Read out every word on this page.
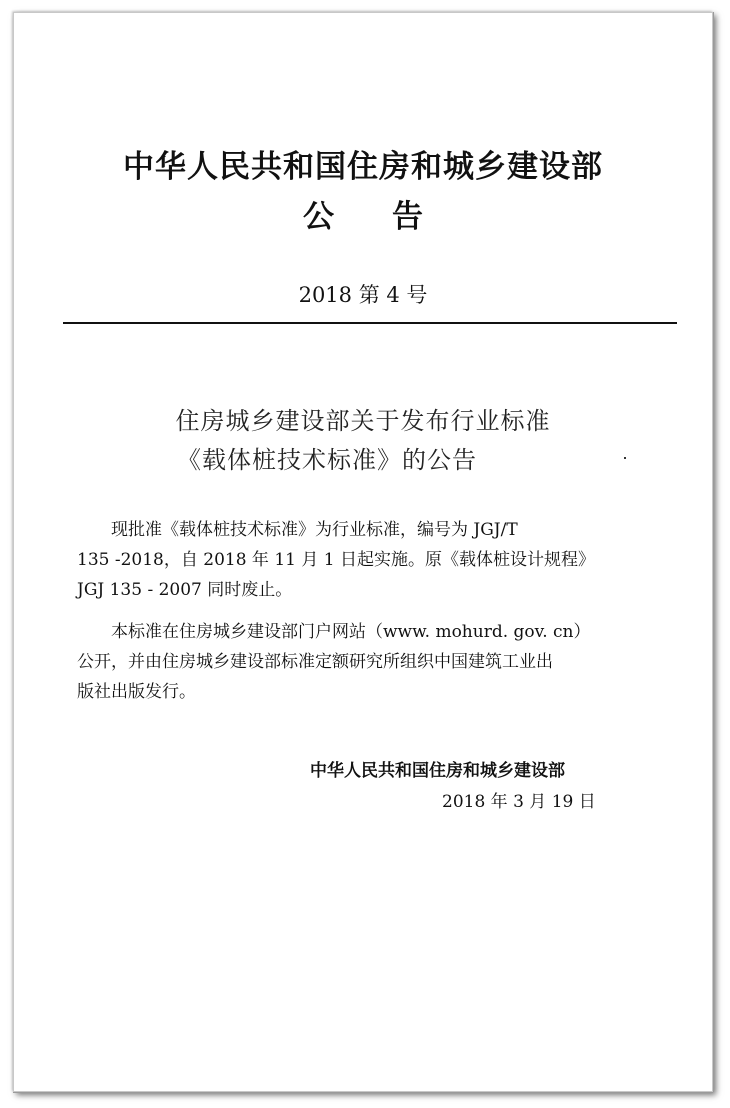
中华人民共和国住房和城乡建设部
公告
2018 第 4 号
住房城乡建设部关于发布行业标准
《载体桩技术标准》的公告
现批准《载体桩技术标准》为行业标准，编号为 JGJ/T
135 -2018，自 2018 年 11 月 1 日起实施。原《载体桩设计规程》
JGJ 135 - 2007 同时废止。
本标准在住房城乡建设部门户网站（www. mohurd. gov. cn）
公开，并由住房城乡建设部标准定额研究所组织中国建筑工业出
版社出版发行。
中华人民共和国住房和城乡建设部
2018 年 3 月 19 日
